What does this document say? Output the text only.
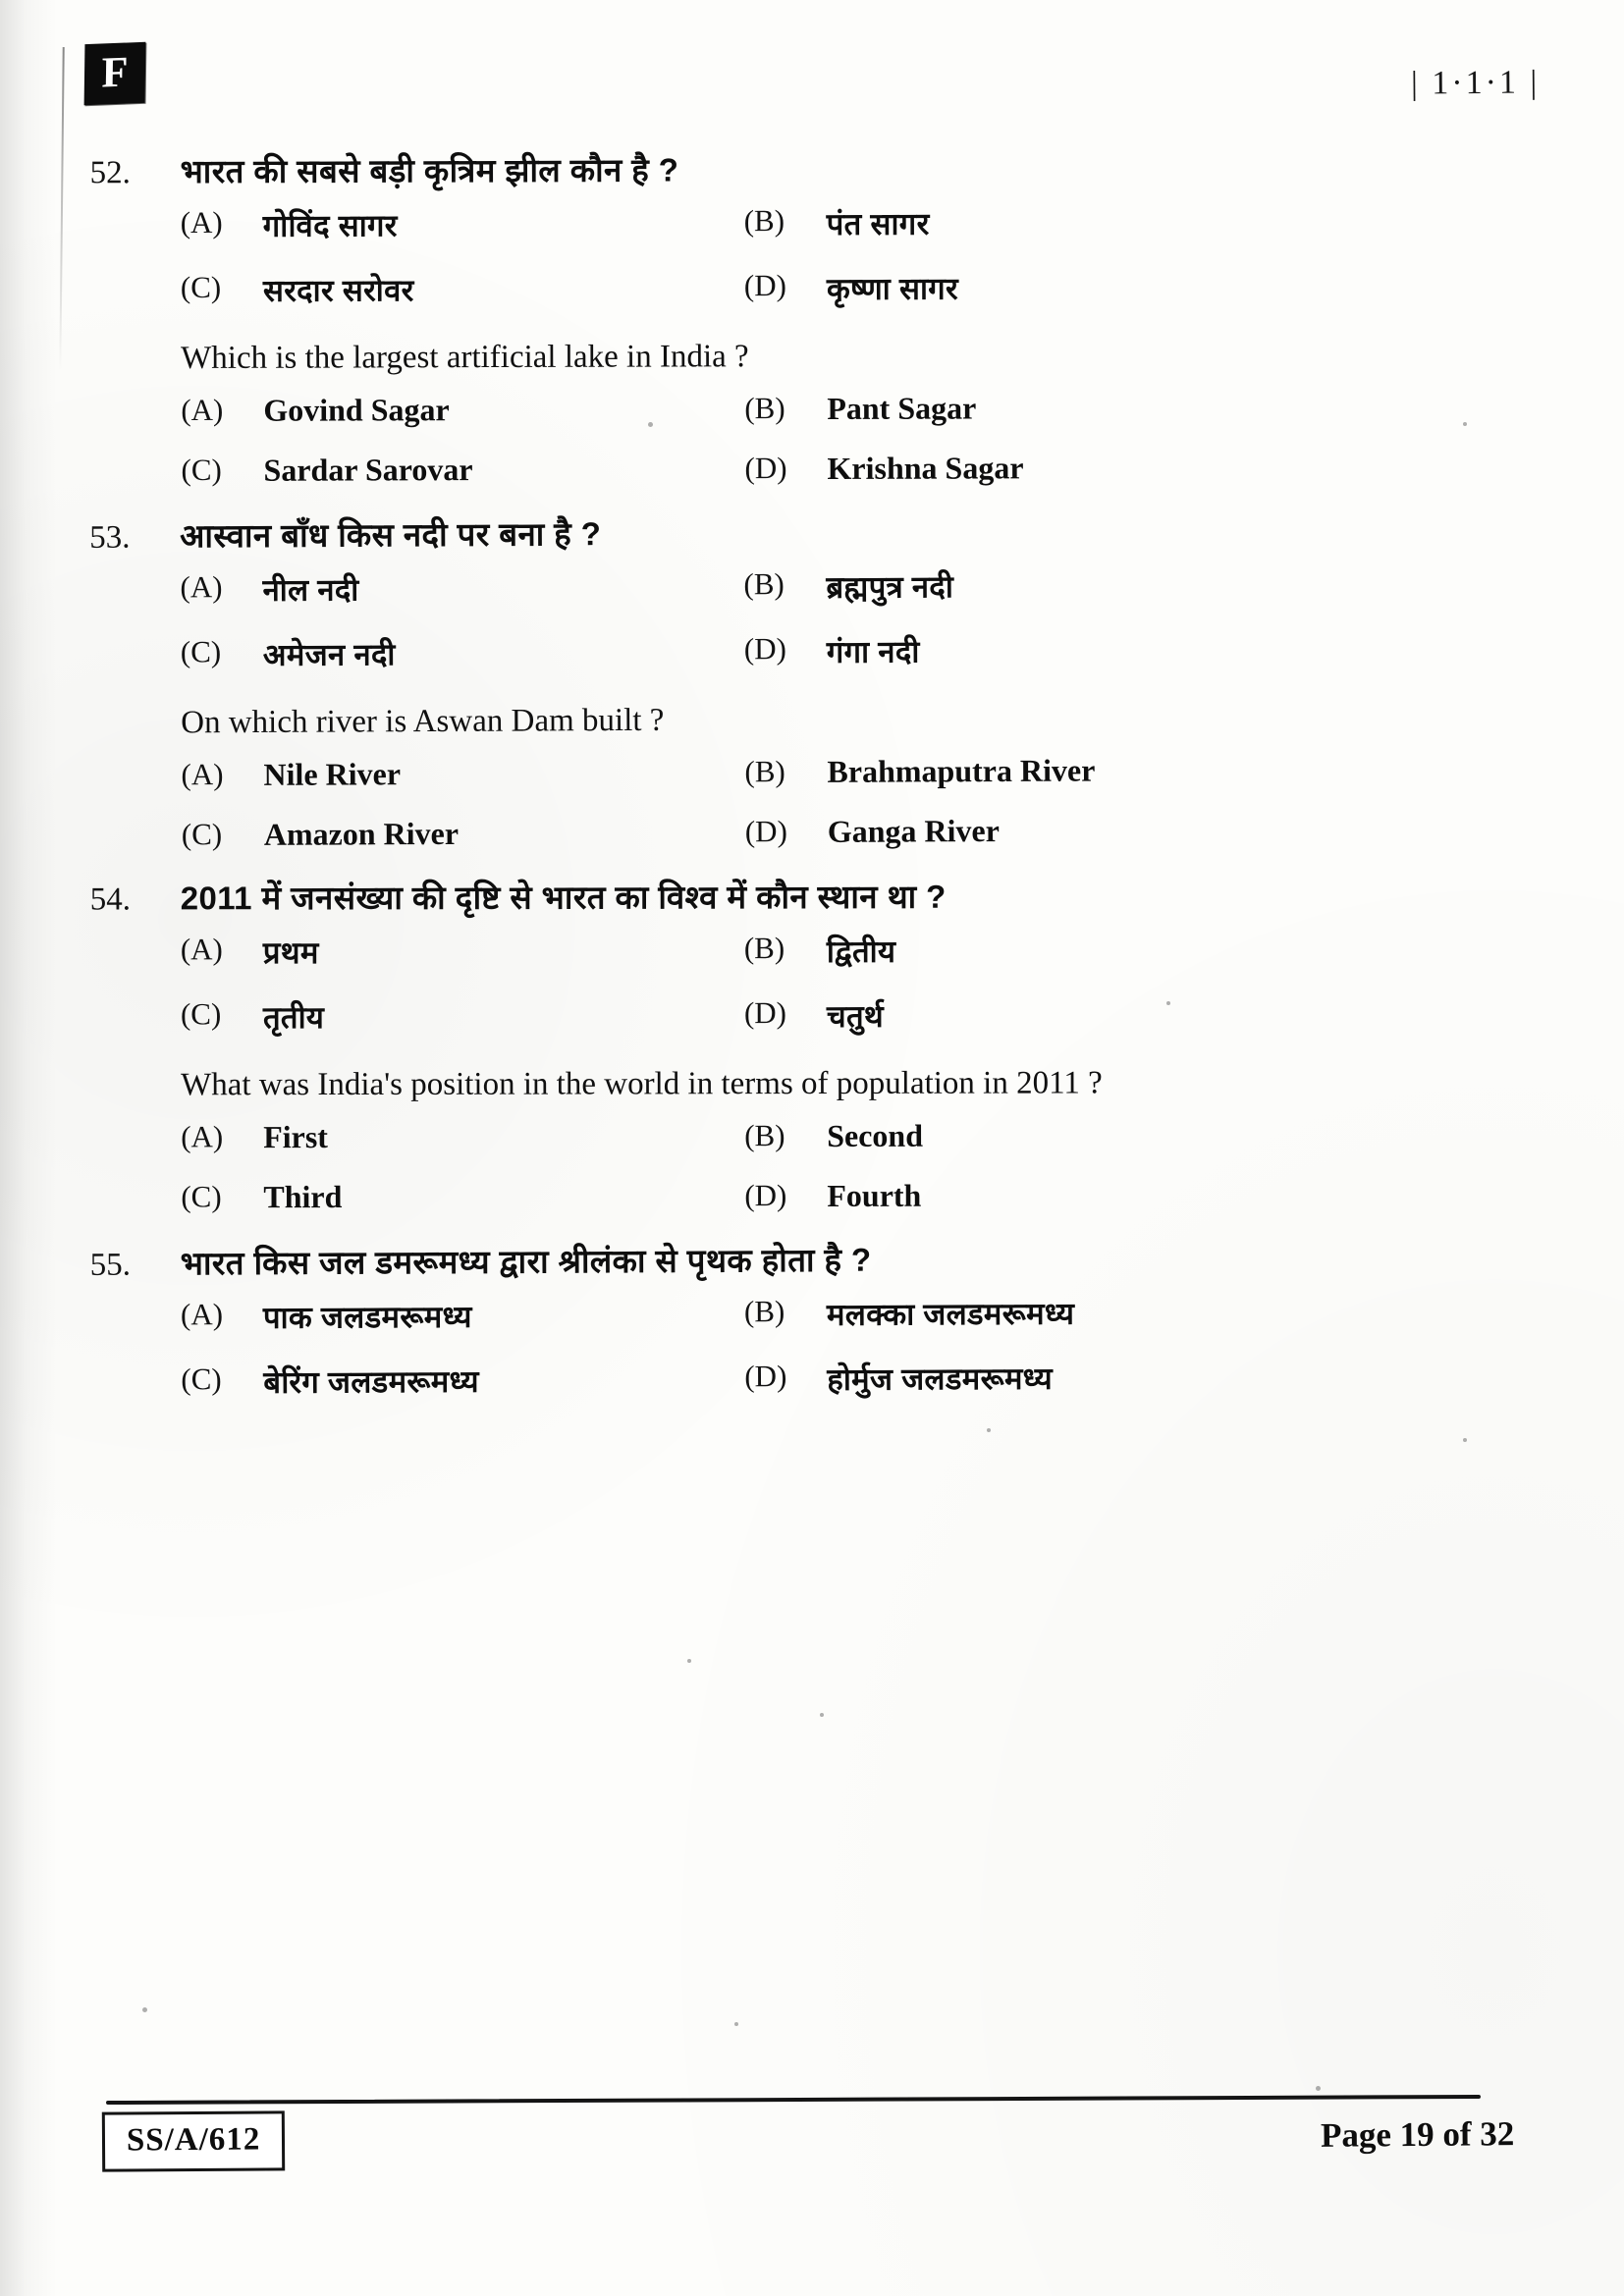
F	| 1·1·1 |
52.	भारत की सबसे बड़ी कृत्रिम झील कौन है ?
(A)	गोविंद सागर	(B)	पंत सागर
(C)	सरदार सरोवर	(D)	कृष्णा सागर
Which is the largest artificial lake in India ?
(A)	Govind Sagar	(B)	Pant Sagar
(C)	Sardar Sarovar	(D)	Krishna Sagar
53.	आस्वान बाँध किस नदी पर बना है ?
(A)	नील नदी	(B)	ब्रह्मपुत्र नदी
(C)	अमेजन नदी	(D)	गंगा नदी
On which river is Aswan Dam built ?
(A)	Nile River	(B)	Brahmaputra River
(C)	Amazon River	(D)	Ganga River
54.	2011 में जनसंख्या की दृष्टि से भारत का विश्व में कौन स्थान था ?
(A)	प्रथम	(B)	द्वितीय
(C)	तृतीय	(D)	चतुर्थ
What was India's position in the world in terms of population in 2011 ?
(A)	First	(B)	Second
(C)	Third	(D)	Fourth
55.	भारत किस जल डमरूमध्य द्वारा श्रीलंका से पृथक होता है ?
(A)	पाक जलडमरूमध्य	(B)	मलक्का जलडमरूमध्य
(C)	बेरिंग जलडमरूमध्य	(D)	होर्मुज जलडमरूमध्य
SS/A/612	Page 19 of 32
